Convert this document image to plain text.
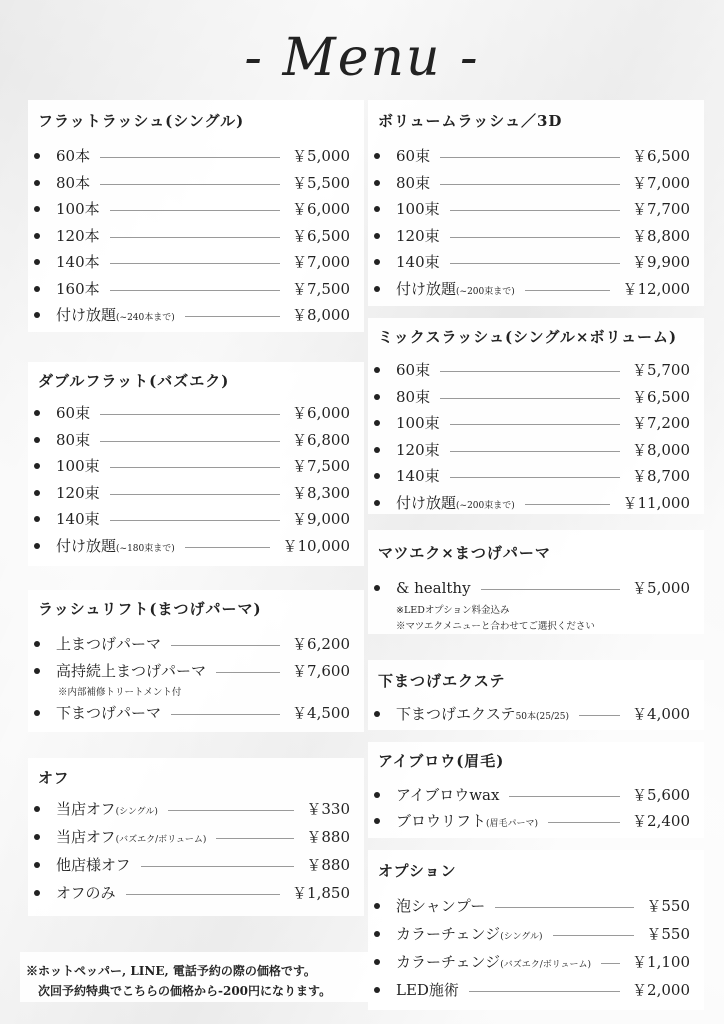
- Menu -
フラットラッシュ(シングル)
ダブルフラット(バズエク)
ラッシュリフト(まつげパーマ)
オフ
ボリュームラッシュ／3D
ミックスラッシュ(シングル×ボリューム)
マツエク×まつげパーマ
下まつげエクステ
アイブロウ(眉毛)
オプション
60本	￥5,000
80本	￥5,500
100本	￥6,000
120本	￥6,500
140本	￥7,000
160本	￥7,500
付け放題(~240本まで)	￥8,000
60束	￥6,000
80束	￥6,800
100束	￥7,500
120束	￥8,300
140束	￥9,000
付け放題(~180束まで)	￥10,000
上まつげパーマ	￥6,200
高持続上まつげパーマ	￥7,600
下まつげパーマ	￥4,500
当店オフ(シングル)	￥330
当店オフ(バズエク/ボリューム)	￥880
他店様オフ	￥880
オフのみ	￥1,850
60束	￥6,500
80束	￥7,000
100束	￥7,700
120束	￥8,800
140束	￥9,900
付け放題(~200束まで)	￥12,000
60束	￥5,700
80束	￥6,500
100束	￥7,200
120束	￥8,000
140束	￥8,700
付け放題(~200束まで)	￥11,000
& healthy	￥5,000
下まつげエクステ50本(25/25)	￥4,000
アイブロウwax	￥5,600
ブロウリフト(眉毛パーマ)	￥2,400
泡シャンプー	￥550
カラーチェンジ(シングル)	￥550
カラーチェンジ(バズエク/ボリューム)	￥1,100
LED施術	￥2,000
※内部補修トリートメント付
※LEDオプション料金込み
※マツエクメニューと合わせてご選択ください
※ホットペッパー, LINE, 電話予約の際の価格です。
次回予約特典でこちらの価格から-200円になります。
